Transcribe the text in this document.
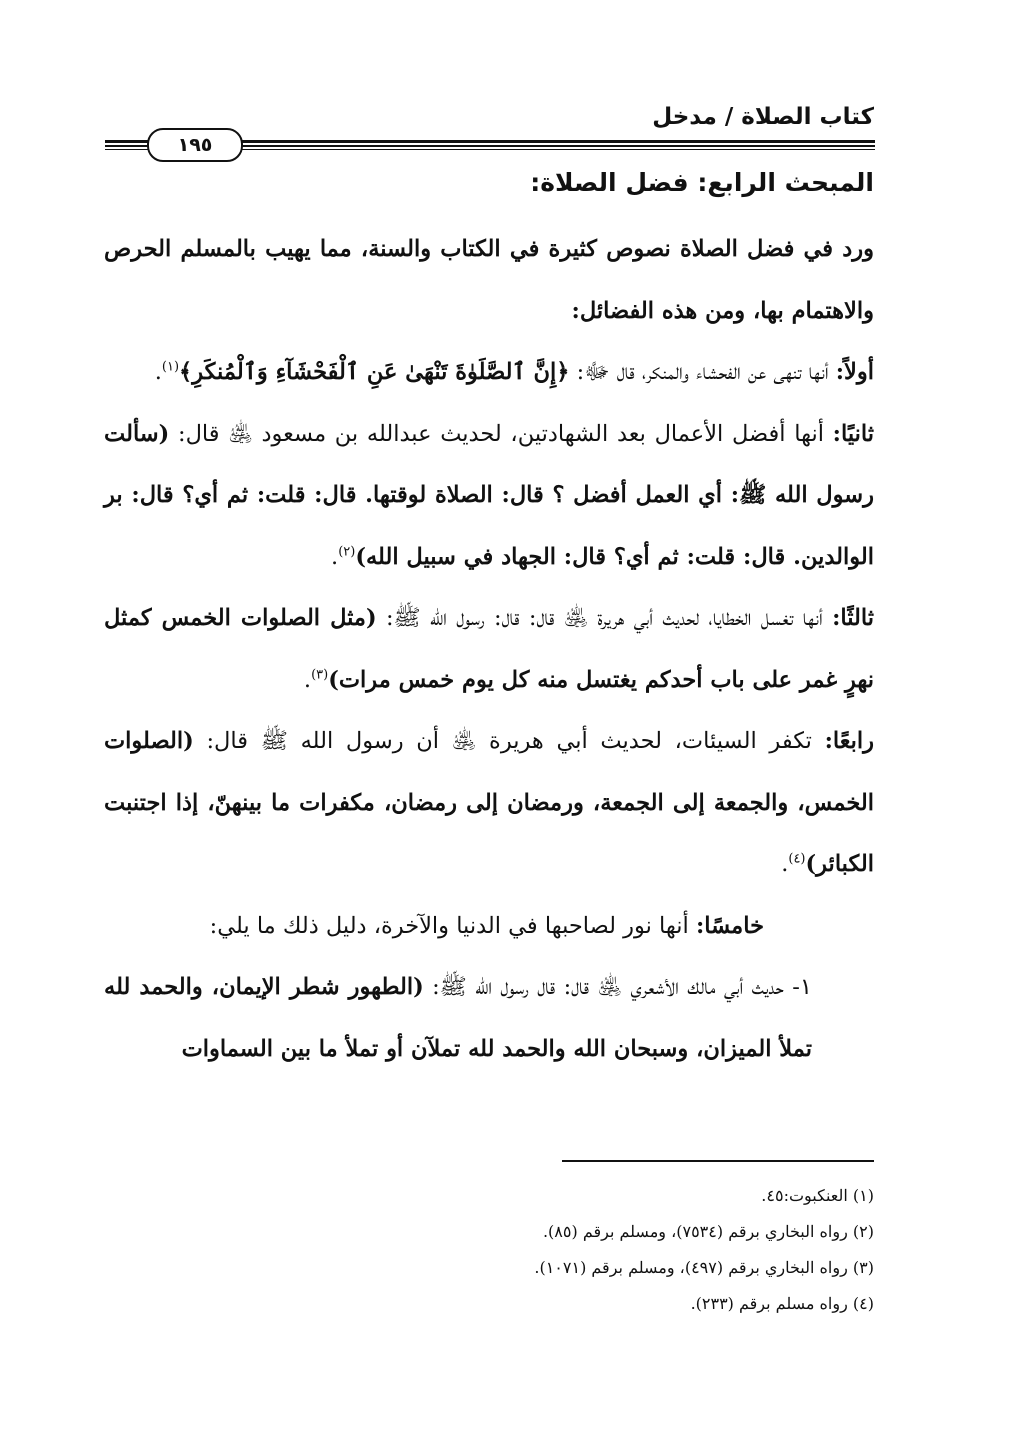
كتاب الصلاة / مدخل
١٩٥
المبحث الرابع: فضل الصلاة:

ورد في فضل الصلاة نصوص كثيرة في الكتاب والسنة، مما يهيب بالمسلم الحرص والاهتمام بها، ومن هذه الفضائل:

أولاً: أنها تنهى عن الفحشاء والمنكر، قال ﷻ: ﴿إِنَّ ٱلصَّلَوٰةَ تَنْهَىٰ عَنِ ٱلْفَحْشَآءِ وَٱلْمُنكَرِ﴾$^{(١)}$.

ثانيًا: أنها أفضل الأعمال بعد الشهادتين، لحديث عبدالله بن مسعود ﵁ قال: (سألت رسول الله ﷺ: أي العمل أفضل ؟ قال: الصلاة لوقتها. قال: قلت: ثم أي؟ قال: بر الوالدين. قال: قلت: ثم أي؟ قال: الجهاد في سبيل الله)$^{(٢)}$.

ثالثًا: أنها تغسل الخطايا، لحديث أبي هريرة ﵁ قال: قال: رسول الله ﷺ: (مثل الصلوات الخمس كمثل نهرٍ غمر على باب أحدكم يغتسل منه كل يوم خمس مرات)$^{(٣)}$.

رابعًا: تكفر السيئات، لحديث أبي هريرة ﵁ أن رسول الله ﷺ قال: (الصلوات الخمس، والجمعة إلى الجمعة، ورمضان إلى رمضان، مكفرات ما بينهنّ، إذا اجتنبت الكبائر)$^{(٤)}$.

خامسًا: أنها نور لصاحبها في الدنيا والآخرة، دليل ذلك ما يلي:

١- حديث أبي مالك الأشعري ﵁ قال: قال رسول الله ﷺ: (الطهور شطر الإيمان، والحمد لله تملأ الميزان، وسبحان الله والحمد لله تملآن أو تملأ ما بين السماوات

(١) العنكبوت:٤٥.
(٢) رواه البخاري برقم (٧٥٣٤)، ومسلم برقم (٨٥).
(٣) رواه البخاري برقم (٤٩٧)، ومسلم برقم (١٠٧١).
(٤) رواه مسلم برقم (٢٣٣).
